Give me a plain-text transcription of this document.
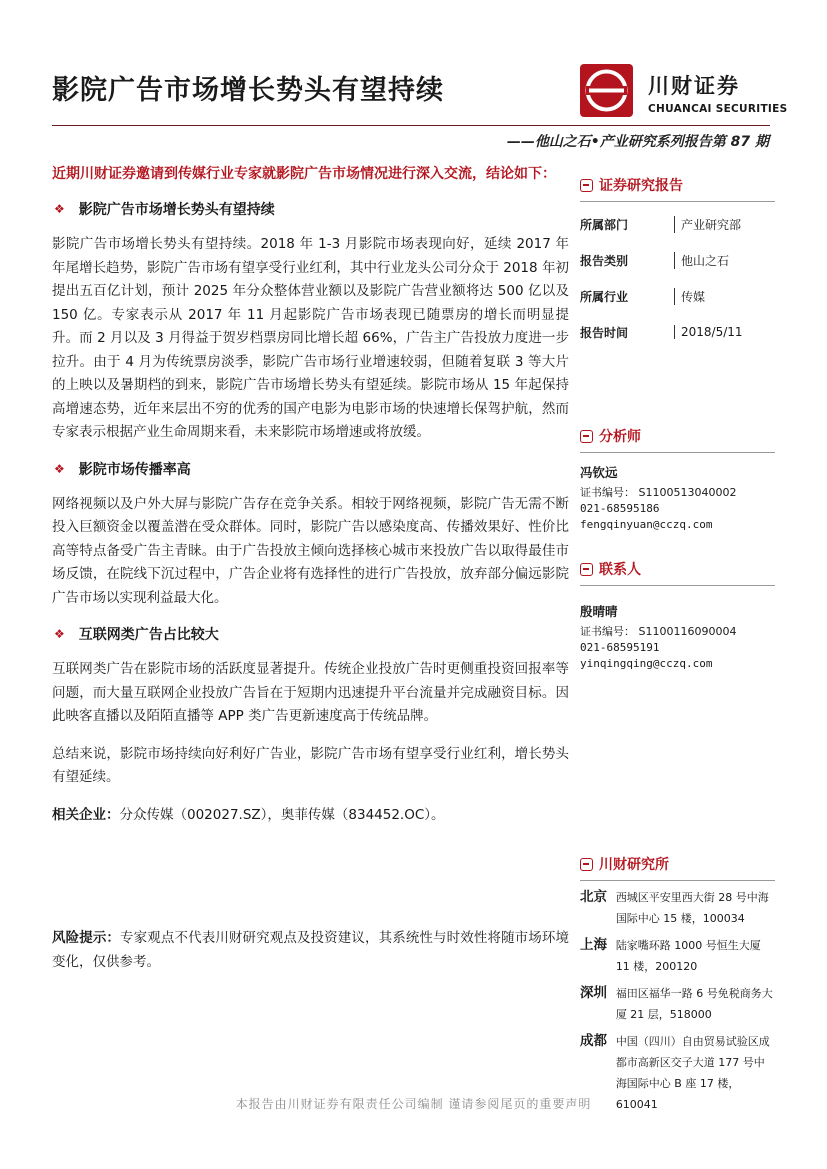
影院广告市场增长势头有望持续	川财证券
CHUANCAI SECURITIES
——他山之石•产业研究系列报告第 87 期

近期川财证券邀请到传媒行业专家就影院广告市场情况进行深入交流，结论如下：

❖ 影院广告市场增长势头有望持续

影院广告市场增长势头有望持续。2018 年 1-3 月影院市场表现向好，延续 2017 年年尾增长趋势，影院广告市场有望享受行业红利，其中行业龙头公司分众于 2018 年初提出五百亿计划，预计 2025 年分众整体营业额以及影院广告营业额将达 500 亿以及 150 亿。专家表示从 2017 年 11 月起影院广告市场表现已随票房的增长而明显提升。而 2 月以及 3 月得益于贺岁档票房同比增长超 66%，广告主广告投放力度进一步拉升。由于 4 月为传统票房淡季，影院广告市场行业增速较弱，但随着复联 3 等大片的上映以及暑期档的到来，影院广告市场增长势头有望延续。影院市场从 15 年起保持高增速态势，近年来层出不穷的优秀的国产电影为电影市场的快速增长保驾护航，然而专家表示根据产业生命周期来看，未来影院市场增速或将放缓。

❖ 影院市场传播率高

网络视频以及户外大屏与影院广告存在竞争关系。相较于网络视频，影院广告无需不断投入巨额资金以覆盖潜在受众群体。同时，影院广告以感染度高、传播效果好、性价比高等特点备受广告主青睐。由于广告投放主倾向选择核心城市来投放广告以取得最佳市场反馈，在院线下沉过程中，广告企业将有选择性的进行广告投放，放弃部分偏远影院广告市场以实现利益最大化。

❖ 互联网类广告占比较大

互联网类广告在影院市场的活跃度显著提升。传统企业投放广告时更侧重投资回报率等问题，而大量互联网企业投放广告旨在于短期内迅速提升平台流量并完成融资目标。因此映客直播以及陌陌直播等 APP 类广告更新速度高于传统品牌。

总结来说，影院市场持续向好利好广告业，影院广告市场有望享受行业红利，增长势头有望延续。

相关企业：分众传媒（002027.SZ），奥菲传媒（834452.OC）。

风险提示：专家观点不代表川财研究观点及投资建议，其系统性与时效性将随市场环境变化，仅供参考。

证券研究报告
所属部门	产业研究部
报告类别	他山之石
所属行业	传媒
报告时间	2018/5/11
分析师
冯钦远
证书编号： S1100513040002
021-68595186
fengqinyuan@cczq.com
联系人
殷晴晴
证书编号： S1100116090004
021-68595191
yinqingqing@cczq.com
川财研究所
北京 西城区平安里西大街 28 号中海国际中心 15 楼，100034
上海 陆家嘴环路 1000 号恒生大厦 11 楼，200120
深圳 福田区福华一路 6 号免税商务大厦 21 层，518000
成都 中国（四川）自由贸易试验区成都市高新区交子大道 177 号中海国际中心 B 座 17 楼，610041
本报告由川财证券有限责任公司编制 谨请参阅尾页的重要声明
